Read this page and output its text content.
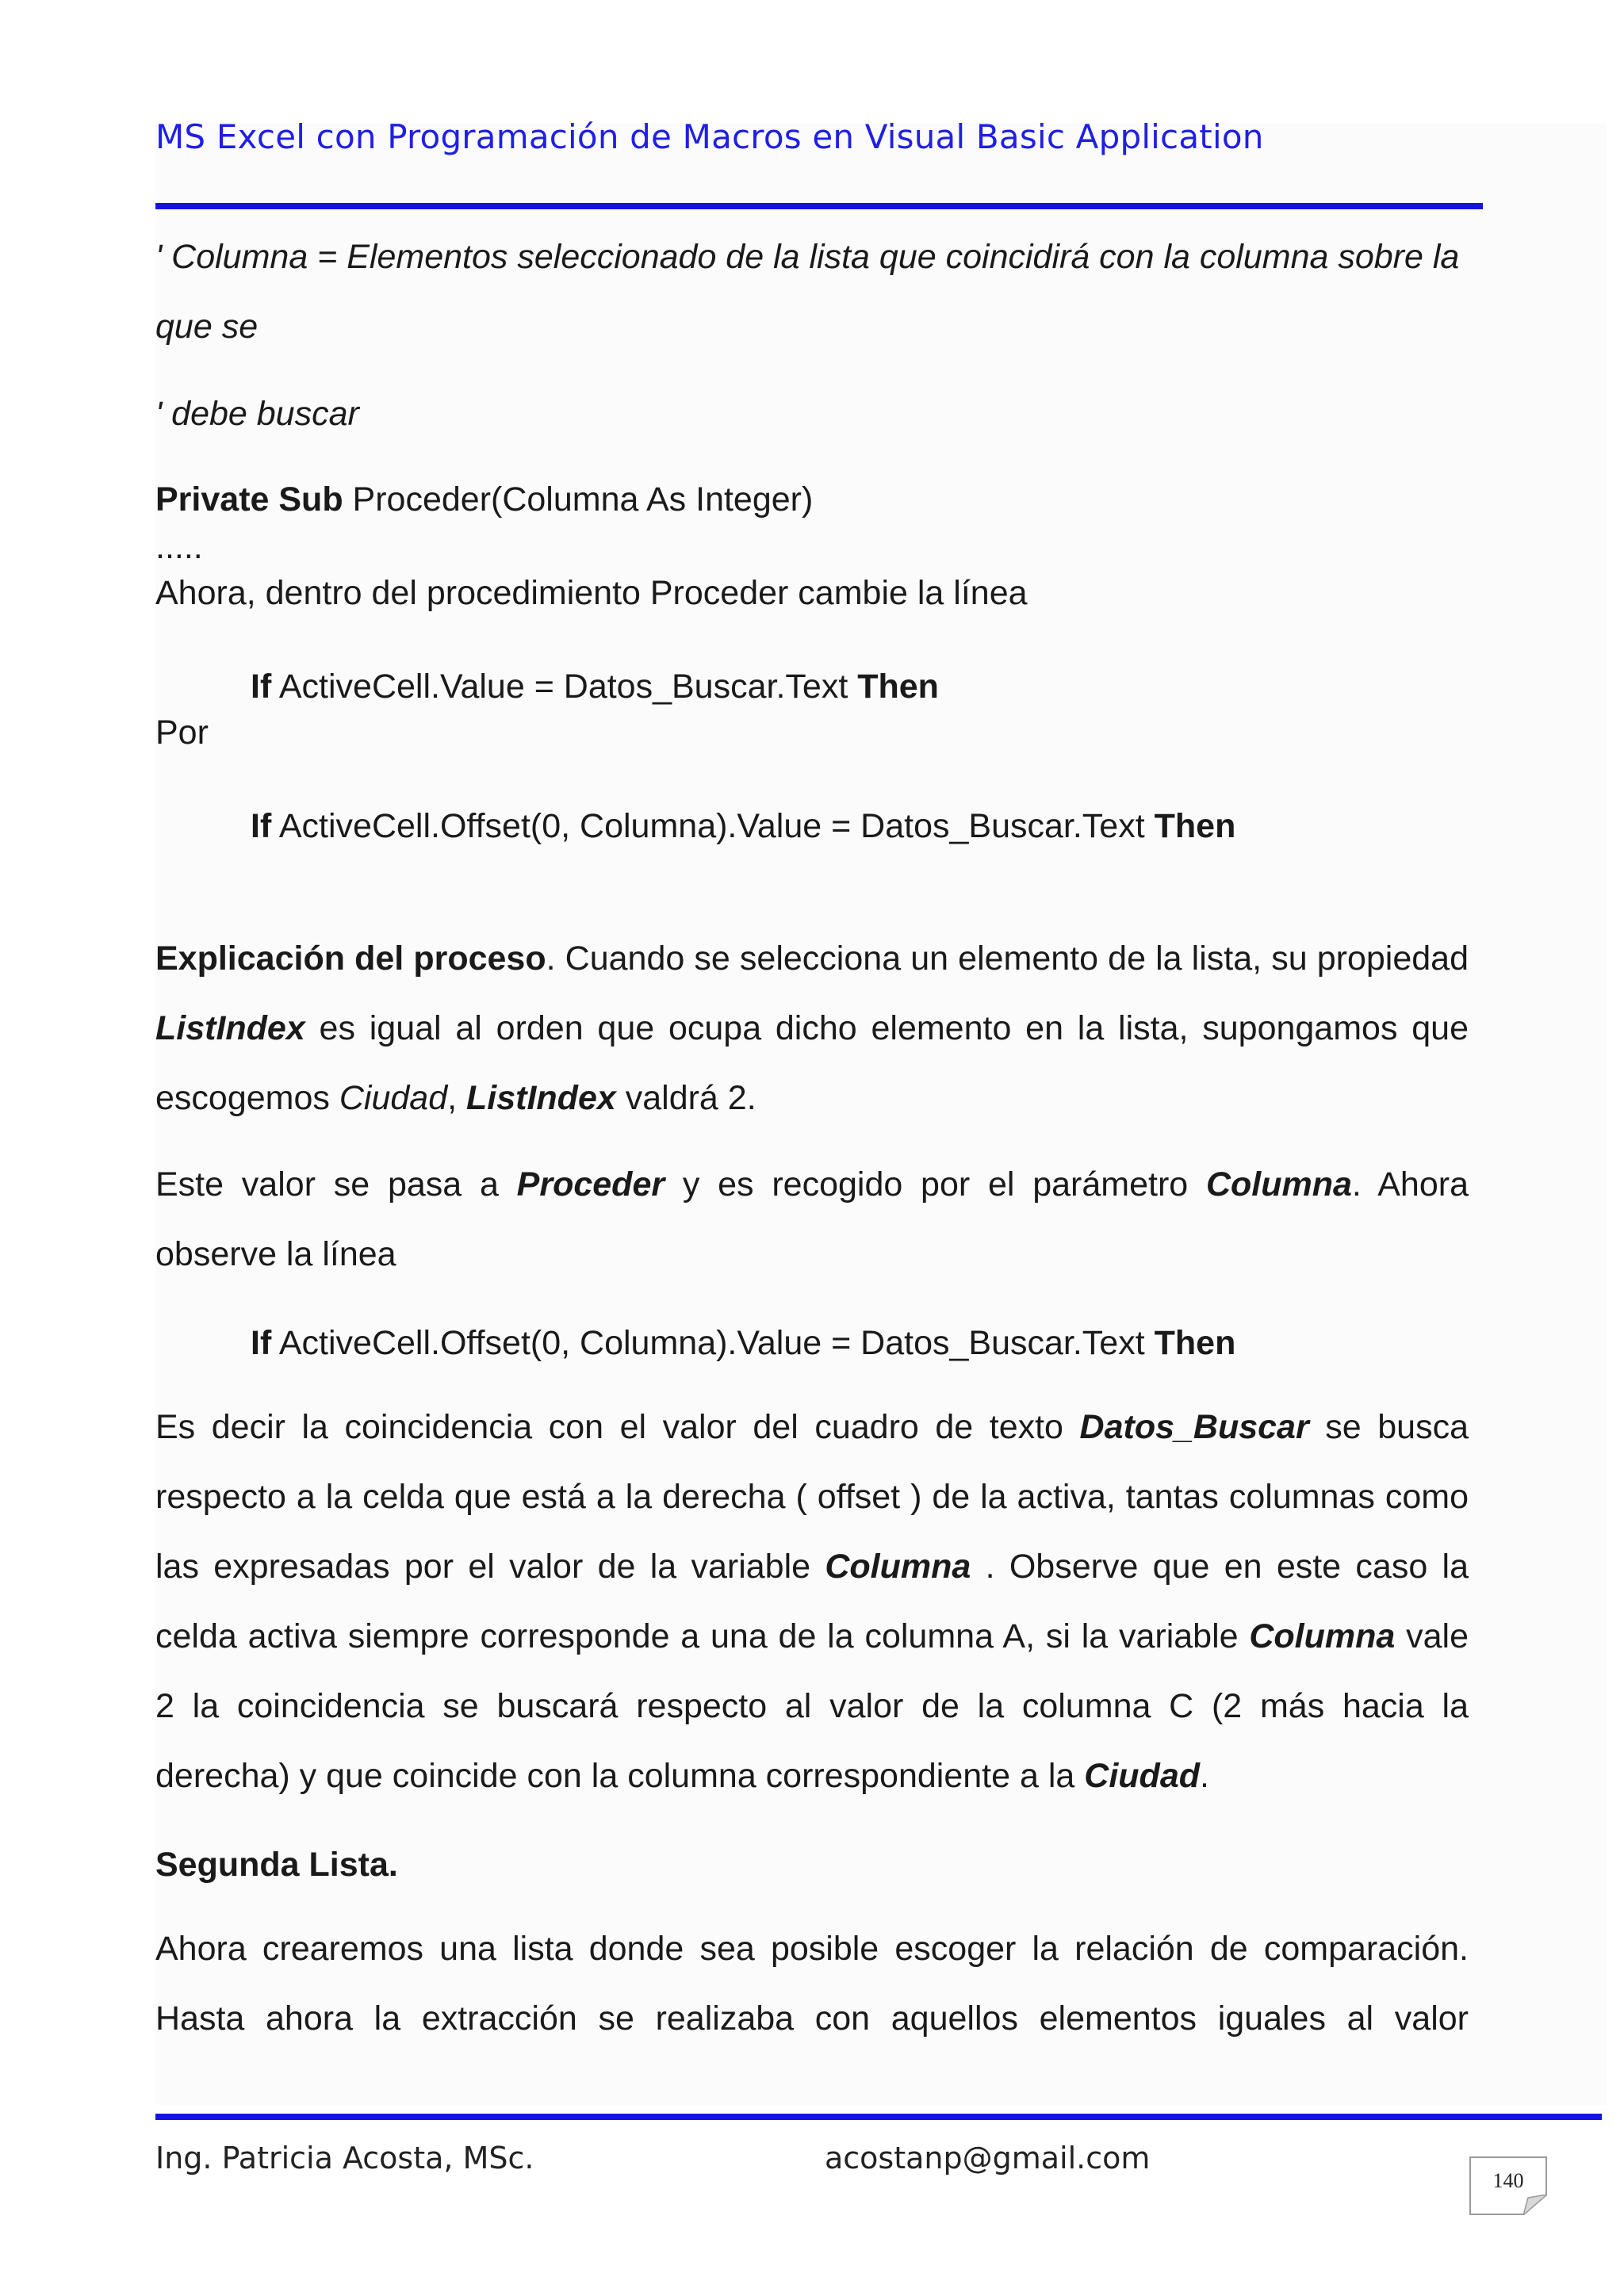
MS Excel con Programación de Macros en Visual Basic Application
' Columna = Elementos seleccionado de la lista que coincidirá con la columna sobre la
que se
' debe buscar
Private Sub Proceder(Columna As Integer)
.....
Ahora, dentro del procedimiento Proceder cambie la línea
If ActiveCell.Value = Datos_Buscar.Text Then
Por
If ActiveCell.Offset(0, Columna).Value = Datos_Buscar.Text Then

Explicación del proceso. Cuando se selecciona un elemento de la lista, su propiedad ListIndex es igual al orden que ocupa dicho elemento en la lista, supongamos que escogemos Ciudad, ListIndex valdrá 2.

Este valor se pasa a Proceder y es recogido por el parámetro Columna. Ahora observe la línea

If ActiveCell.Offset(0, Columna).Value = Datos_Buscar.Text Then

Es decir la coincidencia con el valor del cuadro de texto Datos_Buscar se busca respecto a la celda que está a la derecha ( offset ) de la activa, tantas columnas como las expresadas por el valor de la variable Columna . Observe que en este caso la celda activa siempre corresponde a una de la columna A, si la variable Columna vale 2 la coincidencia se buscará respecto al valor de la columna C (2 más hacia la derecha) y que coincide con la columna correspondiente a la Ciudad.

Segunda Lista.

Ahora crearemos una lista donde sea posible escoger la relación de comparación. Hasta ahora la extracción se realizaba con aquellos elementos iguales al valor

Ing. Patricia Acosta, MSc.	acostanp@gmail.com
140
